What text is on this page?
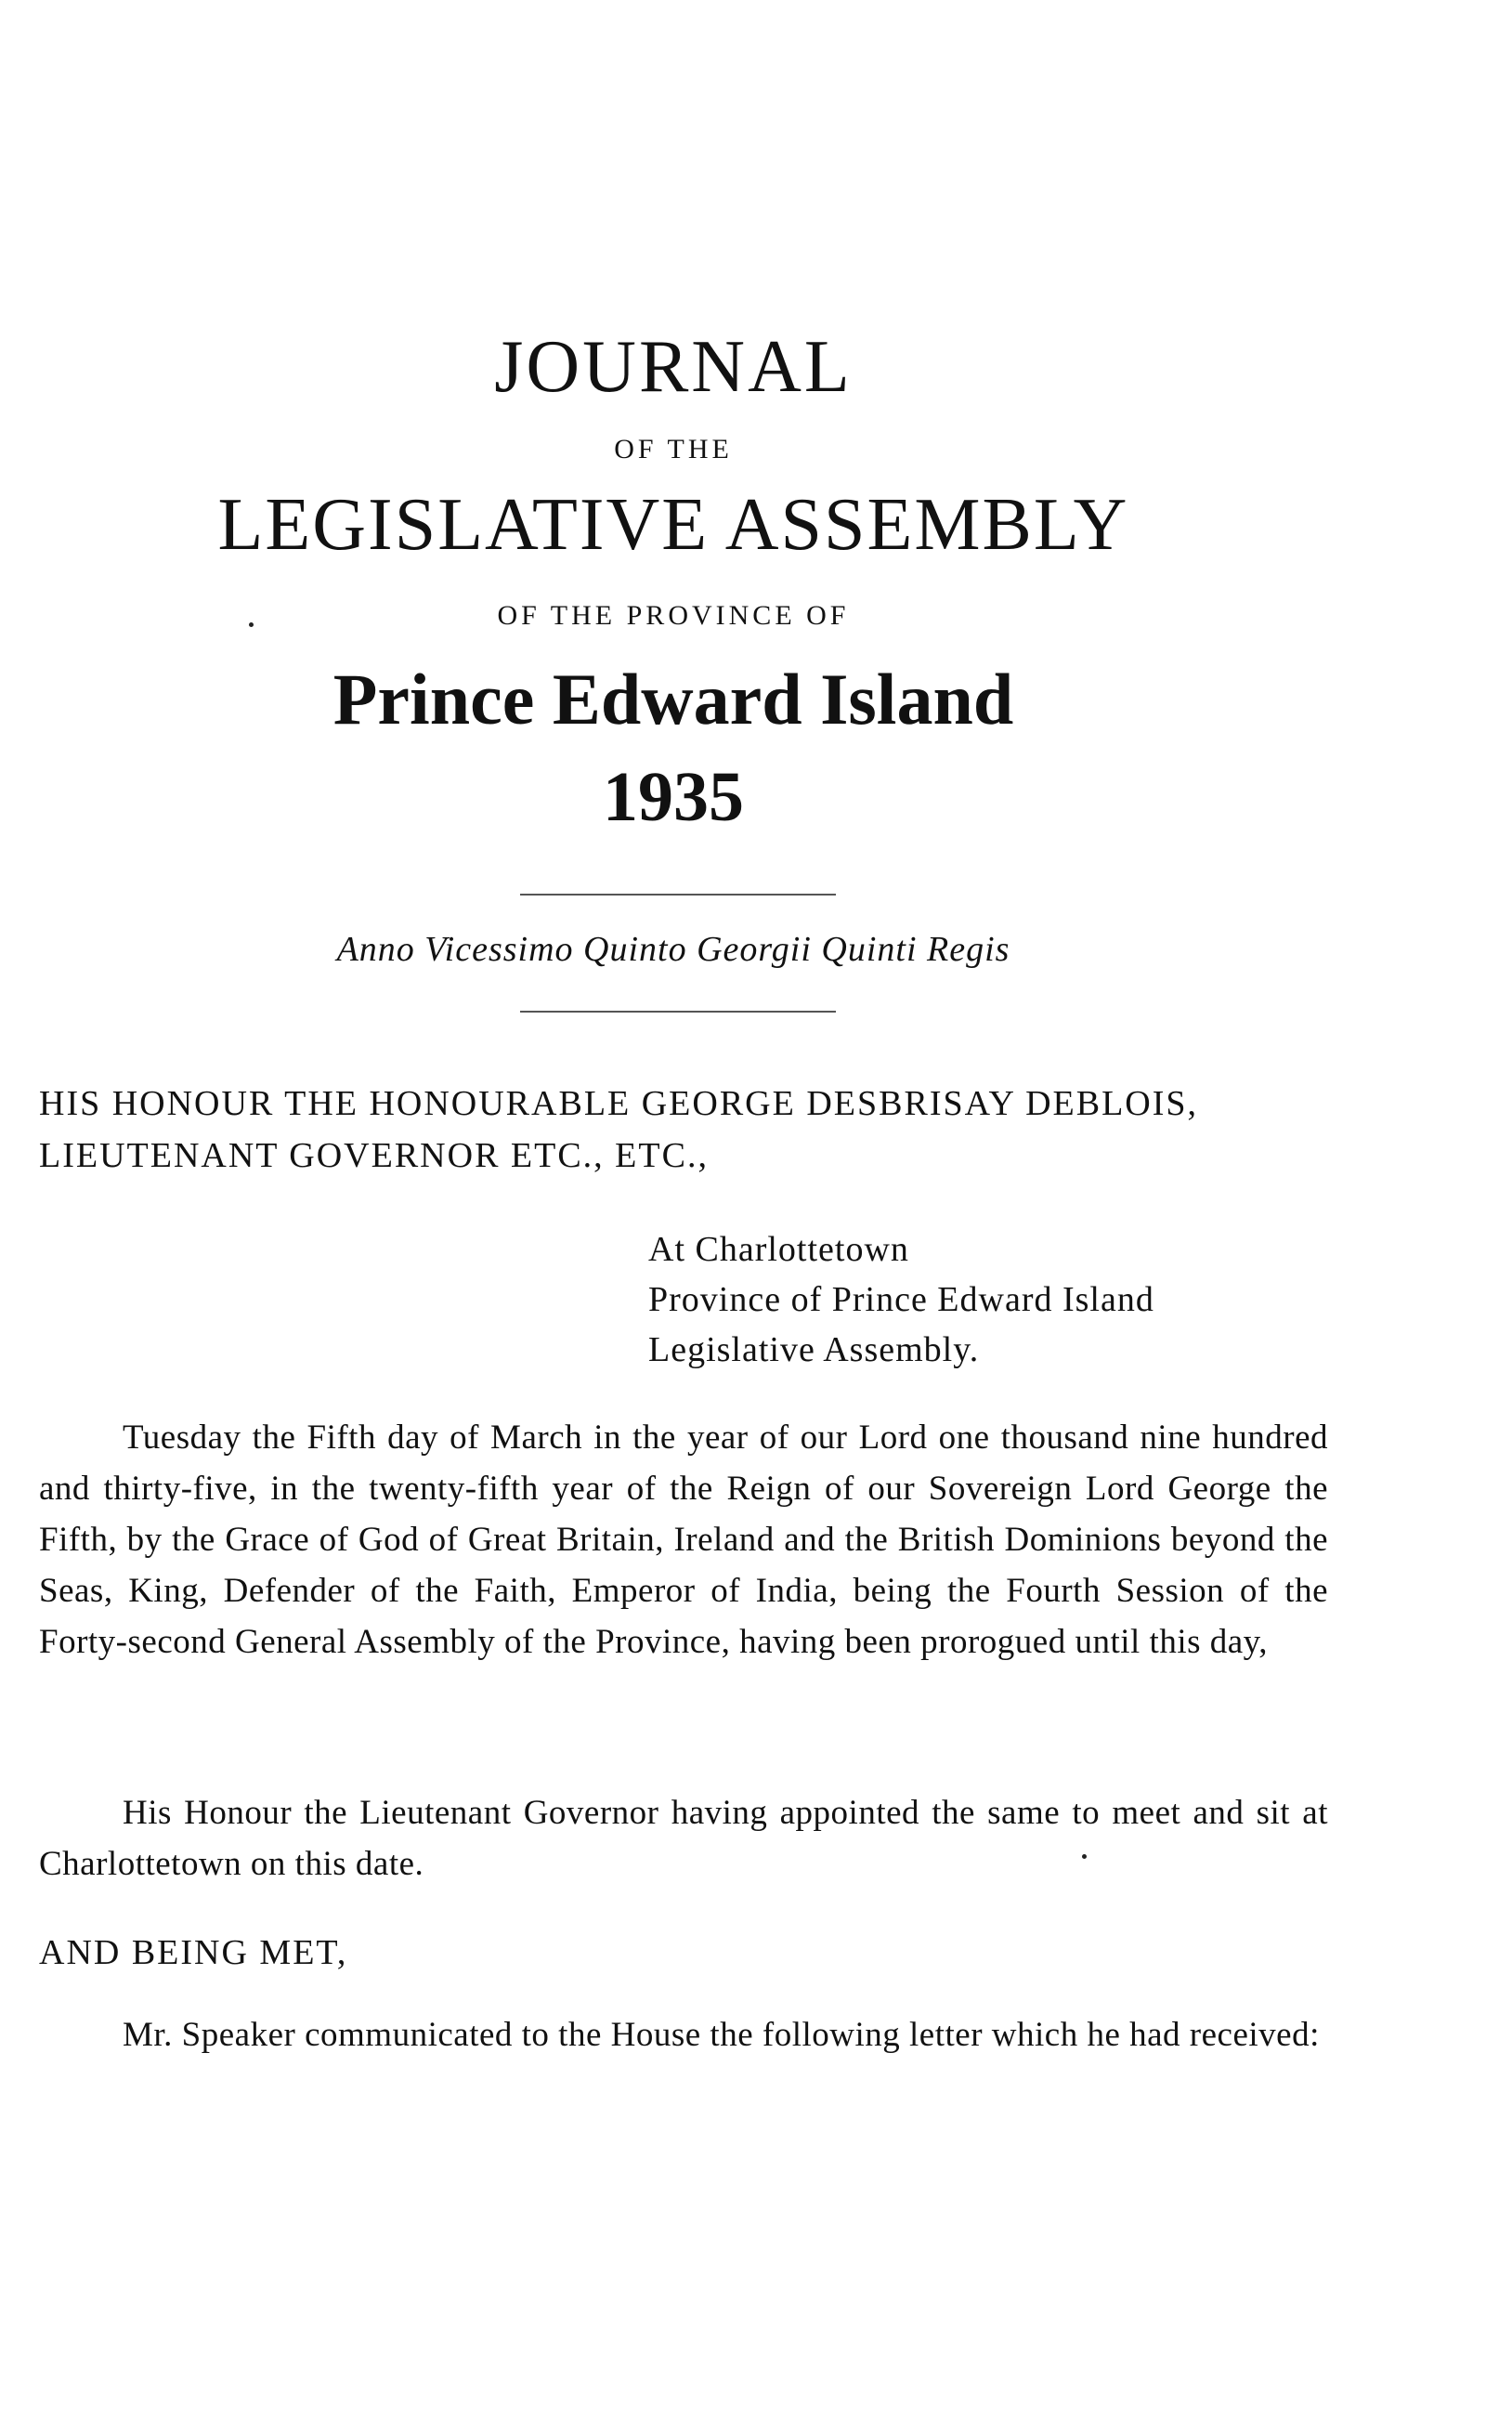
JOURNAL
OF THE
LEGISLATIVE ASSEMBLY
OF THE PROVINCE OF
Prince Edward Island
1935
Anno Vicessimo Quinto Georgii Quinti Regis
HIS HONOUR THE HONOURABLE GEORGE DESBRISAY DEBLOIS, LIEUTENANT GOVERNOR ETC., ETC.,
At Charlottetown
Province of Prince Edward Island
Legislative Assembly.
Tuesday the Fifth day of March in the year of our Lord one thousand nine hundred and thirty-five, in the twenty-fifth year of the Reign of our Sovereign Lord George the Fifth, by the Grace of God of Great Britain, Ireland and the British Dominions beyond the Seas, King, Defender of the Faith, Emperor of India, being the Fourth Session of the Forty-second General Assembly of the Province, having been prorogued until this day,
His Honour the Lieutenant Governor having appointed the same to meet and sit at Charlottetown on this date.
AND BEING MET,
Mr. Speaker communicated to the House the following letter which he had received:
